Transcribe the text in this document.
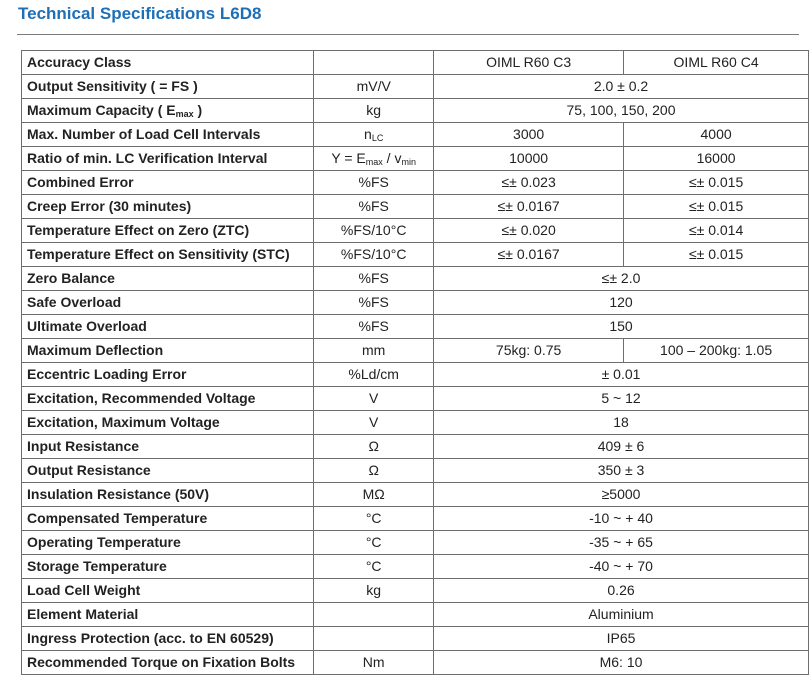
Technical Specifications L6D8
Accuracy Class		OIML R60 C3	OIML R60 C4
Output Sensitivity ( = FS )	mV/V	2.0 ± 0.2	
Maximum Capacity ( $E_{max}$ )	kg	75, 100, 150, 200	
Max. Number of Load Cell Intervals	$n_{LC}$	3000	4000
Ratio of min. LC Verification Interval	$Y = E_{max} / v_{min}$	10000	16000
Combined Error	%FS	≤± 0.023	≤± 0.015
Creep Error (30 minutes)	%FS	≤± 0.0167	≤± 0.015
Temperature Effect on Zero (ZTC)	%FS/10°C	≤± 0.020	≤± 0.014
Temperature Effect on Sensitivity (STC)	%FS/10°C	≤± 0.0167	≤± 0.015
Zero Balance	%FS	≤± 2.0	
Safe Overload	%FS	120	
Ultimate Overload	%FS	150	
Maximum Deflection	mm	75kg: 0.75	100 – 200kg: 1.05
Eccentric Loading Error	%Ld/cm	± 0.01	
Excitation, Recommended Voltage	V	5 ~ 12	
Excitation, Maximum Voltage	V	18	
Input Resistance	Ω	409 ± 6	
Output Resistance	Ω	350 ± 3	
Insulation Resistance (50V)	MΩ	≥5000	
Compensated Temperature	°C	-10 ~ + 40	
Operating Temperature	°C	-35 ~ + 65	
Storage Temperature	°C	-40 ~ + 70	
Load Cell Weight	kg	0.26	
Element Material		Aluminium	
Ingress Protection (acc. to EN 60529)		IP65	
Recommended Torque on Fixation Bolts	Nm	M6: 10	
